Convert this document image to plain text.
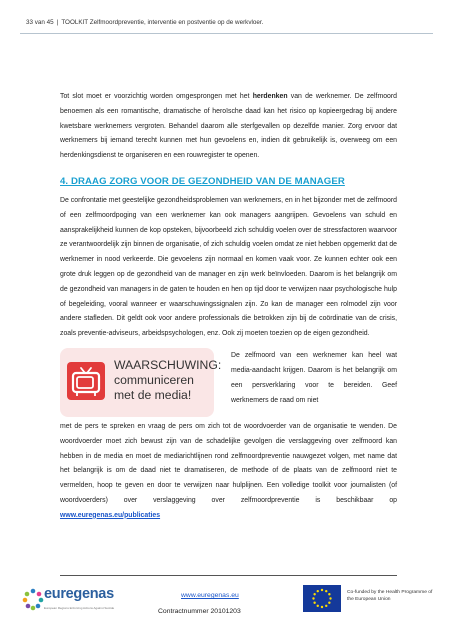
33 van 45 | TOOLKIT Zelfmoordpreventie, interventie en postventie op de werkvloer.

Tot slot moet er voorzichtig worden omgesprongen met het herdenken van de werknemer. De zelfmoord benoemen als een romantische, dramatische of heroïsche daad kan het risico op kopieergedrag bij andere kwetsbare werknemers vergroten. Behandel daarom alle sterfgevallen op dezelfde manier. Zorg ervoor dat werknemers bij iemand terecht kunnen met hun gevoelens en, indien dit gebruikelijk is, overweeg om een herdenkingsdienst te organiseren en een rouwregister te openen.

4. DRAAG ZORG VOOR DE GEZONDHEID VAN DE MANAGER

De confrontatie met geestelijke gezondheidsproblemen van werknemers, en in het bijzonder met de zelfmoord of een zelfmoordpoging van een werknemer kan ook managers aangrijpen. Gevoelens van schuld en aansprakelijkheid kunnen de kop opsteken, bijvoorbeeld zich schuldig voelen over de stressfactoren waarvoor ze verantwoordelijk zijn binnen de organisatie, of zich schuldig voelen omdat ze niet hebben opgemerkt dat de werknemer in nood verkeerde. Die gevoelens zijn normaal en komen vaak voor. Ze kunnen echter ook een grote druk leggen op de gezondheid van de manager en zijn werk beïnvloeden. Daarom is het belangrijk om de gezondheid van managers in de gaten te houden en hen op tijd door te verwijzen naar psychologische hulp of begeleiding, vooral wanneer er waarschuwingssignalen zijn. Zo kan de manager een rolmodel zijn voor andere stafleden. Dit geldt ook voor andere professionals die betrokken zijn bij de coördinatie van de crisis, zoals preventie-adviseurs, arbeidspsychologen, enz. Ook zij moeten toezien op de eigen gezondheid.

WAARSCHUWING: communiceren met de media!

De zelfmoord van een werknemer kan heel wat media-aandacht krijgen. Daarom is het belangrijk om een persverklaring voor te bereiden. Geef werknemers de raad om niet

met de pers te spreken en vraag de pers om zich tot de woordvoerder van de organisatie te wenden. De woordvoerder moet zich bewust zijn van de schadelijke gevolgen die verslaggeving over zelfmoord kan hebben in de media en moet de mediarichtlijnen rond zelfmoordpreventie nauwgezet volgen, met name dat het belangrijk is om de daad niet te dramatiseren, de methode of de plaats van de zelfmoord niet te vermelden, hoop te geven en door te verwijzen naar hulplijnen. Een volledige toolkit voor journalisten (of woordvoerders) over verslaggeving over zelfmoordpreventie is beschikbaar op www.euregenas.eu/publicaties

euregenas
European Regions Enforcing Actions Against Suicide
www.euregenas.eu
Contractnummer 20101203
Co-funded by the Health Programme of the European Union
